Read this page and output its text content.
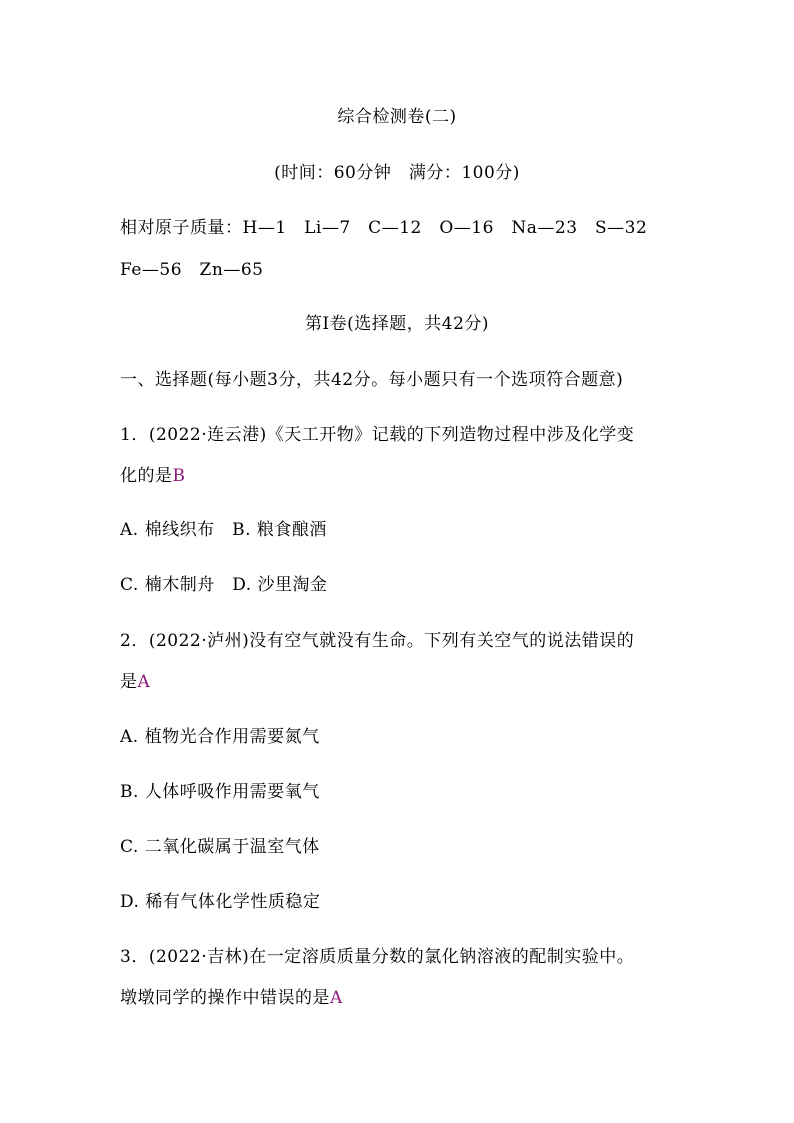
综合检测卷(二)
(时间：60分钟　满分：100分)
相对原子质量：H—1　Li—7　C—12　O—16　Na—23　S—32
Fe—56　Zn—65
第Ⅰ卷(选择题，共42分)
一、选择题(每小题3分，共42分。每小题只有一个选项符合题意)
1．(2022·连云港)《天工开物》记载的下列造物过程中涉及化学变
化的是B
A. 棉线织布　B. 粮食酿酒
C. 楠木制舟　D. 沙里淘金
2．(2022·泸州)没有空气就没有生命。下列有关空气的说法错误的
是A
A. 植物光合作用需要氮气
B. 人体呼吸作用需要氧气
C. 二氧化碳属于温室气体
D. 稀有气体化学性质稳定
3．(2022·吉林)在一定溶质质量分数的氯化钠溶液的配制实验中。
墩墩同学的操作中错误的是A
